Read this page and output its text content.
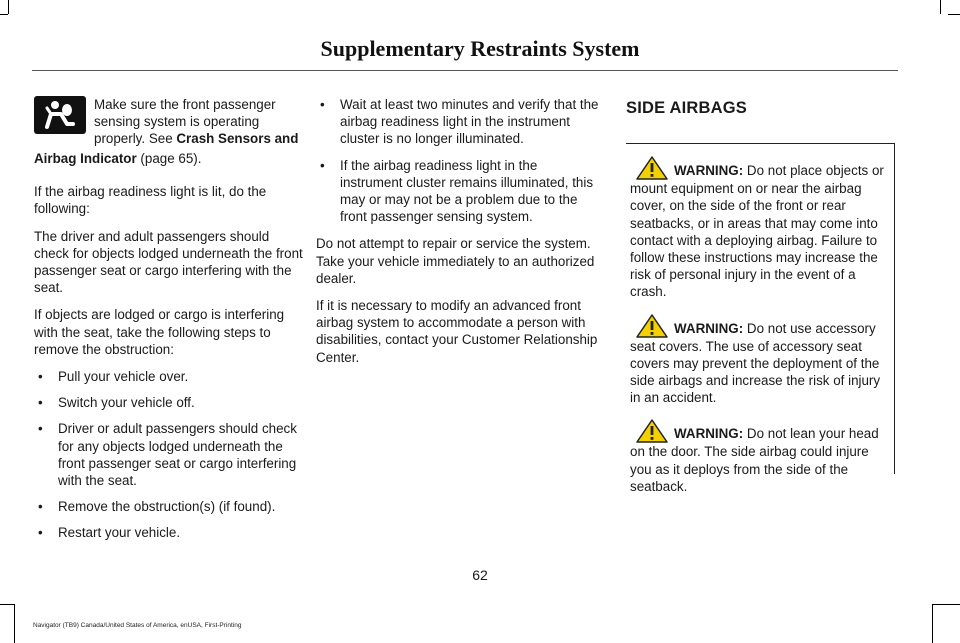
Supplementary Restraints System
Make sure the front passenger sensing system is operating properly. See Crash Sensors and

Airbag Indicator (page 65).

If the airbag readiness light is lit, do the following:

The driver and adult passengers should check for objects lodged underneath the front passenger seat or cargo interfering with the seat.

If objects are lodged or cargo is interfering with the seat, take the following steps to remove the obstruction:

• Pull your vehicle over.
• Switch your vehicle off.
• Driver or adult passengers should check for any objects lodged underneath the front passenger seat or cargo interfering with the seat.
• Remove the obstruction(s) (if found).
• Restart your vehicle.
• Wait at least two minutes and verify that the airbag readiness light in the instrument cluster is no longer illuminated.
• If the airbag readiness light in the instrument cluster remains illuminated, this may or may not be a problem due to the front passenger sensing system.

Do not attempt to repair or service the system. Take your vehicle immediately to an authorized dealer.

If it is necessary to modify an advanced front airbag system to accommodate a person with disabilities, contact your Customer Relationship Center.

SIDE AIRBAGS
WARNING: Do not place objects or mount equipment on or near the airbag cover, on the side of the front or rear seatbacks, or in areas that may come into contact with a deploying airbag. Failure to follow these instructions may increase the risk of personal injury in the event of a crash.
WARNING: Do not use accessory seat covers. The use of accessory seat covers may prevent the deployment of the side airbags and increase the risk of injury in an accident.
WARNING: Do not lean your head on the door. The side airbag could injure you as it deploys from the side of the seatback.
62
Navigator (TB9) Canada/United States of America, enUSA, First-Printing
